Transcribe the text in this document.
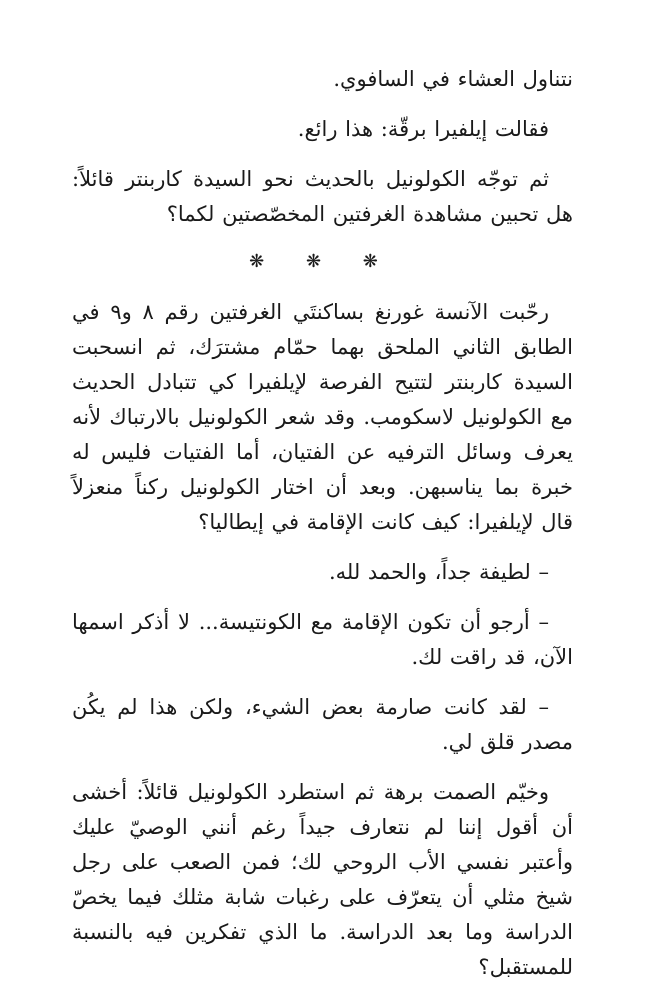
نتناول العشاء في السافوي.

فقالت إيلفيرا برقّة: هذا رائع.

ثم توجّه الكولونيل بالحديث نحو السيدة كاربنتر قائلاً: هل تحبين مشاهدة الغرفتين المخصّصتين لكما؟

❋ ❋ ❋

رحّبت الآنسة غورنغ بساكنتَي الغرفتين رقم ٨ و٩ في الطابق الثاني الملحق بهما حمّام مشترَك، ثم انسحبت السيدة كاربنتر لتتيح الفرصة لإيلفيرا كي تتبادل الحديث مع الكولونيل لاسكومب. وقد شعر الكولونيل بالارتباك لأنه يعرف وسائل الترفيه عن الفتيان، أما الفتيات فليس له خبرة بما يناسبهن. وبعد أن اختار الكولونيل ركناً منعزلاً قال لإيلفيرا: كيف كانت الإقامة في إيطاليا؟

– لطيفة جداً، والحمد لله.

– أرجو أن تكون الإقامة مع الكونتيسة... لا أذكر اسمها الآن، قد راقت لك.

– لقد كانت صارمة بعض الشيء، ولكن هذا لم يكُن مصدر قلق لي.

وخيّم الصمت برهة ثم استطرد الكولونيل قائلاً: أخشى أن أقول إننا لم نتعارف جيداً رغم أنني الوصيّ عليك وأعتبر نفسي الأب الروحي لك؛ فمن الصعب على رجل شيخ مثلي أن يتعرّف على رغبات شابة مثلك فيما يخصّ الدراسة وما بعد الدراسة. ما الذي تفكرين فيه بالنسبة للمستقبل؟
